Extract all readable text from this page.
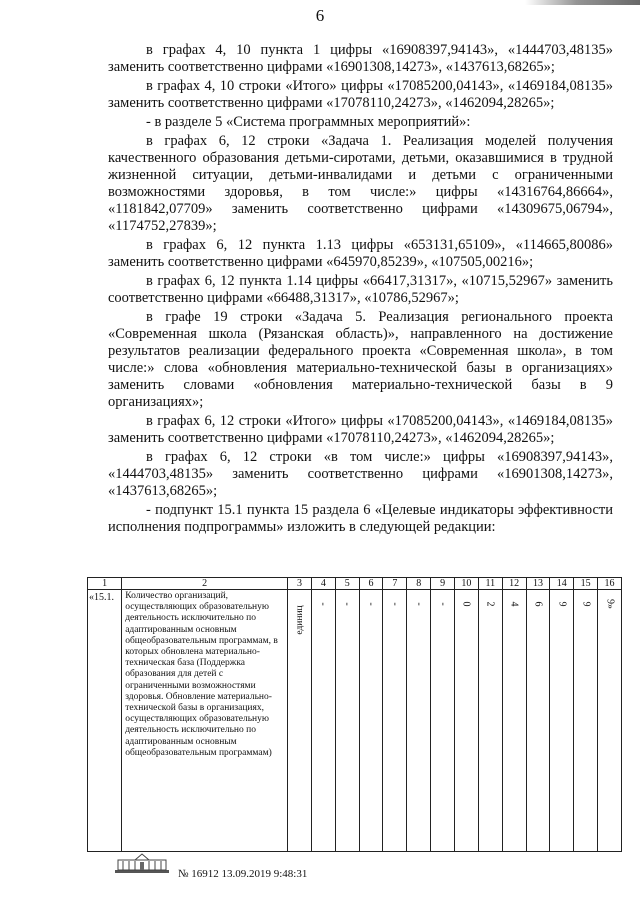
6

в графах 4, 10 пункта 1 цифры «16908397,94143», «1444703,48135» заменить соответственно цифрами «16901308,14273», «1437613,68265»;

в графах 4, 10 строки «Итого» цифры «17085200,04143», «1469184,08135» заменить соответственно цифрами «17078110,24273», «1462094,28265»;

- в разделе 5 «Система программных мероприятий»:

в графах 6, 12 строки «Задача 1. Реализация моделей получения качественного образования детьми-сиротами, детьми, оказавшимися в трудной жизненной ситуации, детьми-инвалидами и детьми с ограниченными возможностями здоровья, в том числе:» цифры «14316764,86664», «1181842,07709» заменить соответственно цифрами «14309675,06794», «1174752,27839»;

в графах 6, 12 пункта 1.13 цифры «653131,65109», «114665,80086» заменить соответственно цифрами «645970,85239», «107505,00216»;

в графах 6, 12 пункта 1.14 цифры «66417,31317», «10715,52967» заменить соответственно цифрами «66488,31317», «10786,52967»;

в графе 19 строки «Задача 5. Реализация регионального проекта «Современная школа (Рязанская область)», направленного на достижение результатов реализации федерального проекта «Современная школа», в том числе:» слова «обновления материально-технической базы в организациях» заменить словами «обновления материально-технической базы в 9 организациях»;

в графах 6, 12 строки «Итого» цифры «17085200,04143», «1469184,08135» заменить соответственно цифрами «17078110,24273», «1462094,28265»;

в графах 6, 12 строки «в том числе:» цифры «16908397,94143», «1444703,48135» заменить соответственно цифрами «16901308,14273», «1437613,68265»;

- подпункт 15.1 пункта 15 раздела 6 «Целевые индикаторы эффективности исполнения подпрограммы» изложить в следующей редакции:

1	2	3	4	5	6	7	8	9	10	11	12	13	14	15	16
«15.1.	Количество организаций, осуществляющих образовательную деятельность исключительно по адаптированным основным общеобразовательным программам, в которых обновлена материально-техническая база (Поддержка образования для детей с ограниченными возможностями здоровья. Обновление материально-технической базы в организациях, осуществляющих образовательную деятельность исключительно по адаптированным основным общеобразовательным программам)	единиц	-	-	-	-	-	-	0	2	4	6	9	9	9»
№ 16912 13.09.2019 9:48:31
